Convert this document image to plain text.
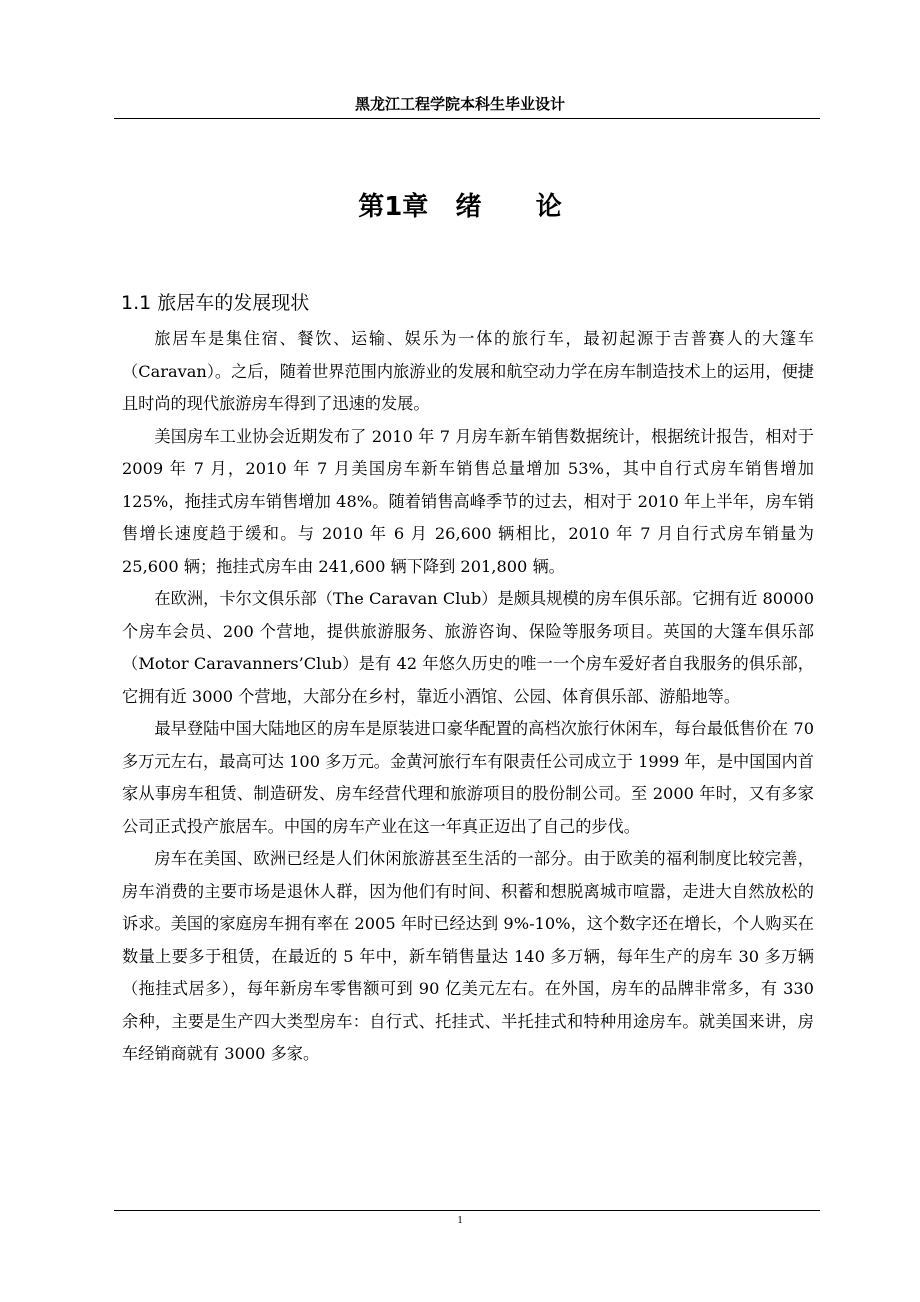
黑龙江工程学院本科生毕业设计
第1章   绪      论
1.1 旅居车的发展现状

旅居车是集住宿、餐饮、运输、娱乐为一体的旅行车，最初起源于吉普赛人的大篷车（Caravan）。之后，随着世界范围内旅游业的发展和航空动力学在房车制造技术上的运用，便捷且时尚的现代旅游房车得到了迅速的发展。

美国房车工业协会近期发布了 2010 年 7 月房车新车销售数据统计，根据统计报告，相对于 2009 年 7 月，2010 年 7 月美国房车新车销售总量增加 53%，其中自行式房车销售增加 125%，拖挂式房车销售增加 48%。随着销售高峰季节的过去，相对于 2010 年上半年，房车销售增长速度趋于缓和。与 2010 年 6 月 26,600 辆相比，2010 年 7 月自行式房车销量为 25,600 辆；拖挂式房车由 241,600 辆下降到 201,800 辆。

在欧洲，卡尔文俱乐部（The Caravan Club）是颇具规模的房车俱乐部。它拥有近 80000 个房车会员、200 个营地，提供旅游服务、旅游咨询、保险等服务项目。英国的大篷车俱乐部（Motor Caravanners’Club）是有 42 年悠久历史的唯一一个房车爱好者自我服务的俱乐部，它拥有近 3000 个营地，大部分在乡村，靠近小酒馆、公园、体育俱乐部、游船地等。

最早登陆中国大陆地区的房车是原装进口豪华配置的高档次旅行休闲车，每台最低售价在 70 多万元左右，最高可达 100 多万元。金黄河旅行车有限责任公司成立于 1999 年，是中国国内首家从事房车租赁、制造研发、房车经营代理和旅游项目的股份制公司。至 2000 年时，又有多家公司正式投产旅居车。中国的房车产业在这一年真正迈出了自己的步伐。

房车在美国、欧洲已经是人们休闲旅游甚至生活的一部分。由于欧美的福利制度比较完善，房车消费的主要市场是退休人群，因为他们有时间、积蓄和想脱离城市喧嚣，走进大自然放松的诉求。美国的家庭房车拥有率在 2005 年时已经达到 9%-10%，这个数字还在增长，个人购买在数量上要多于租赁，在最近的 5 年中，新车销售量达 140 多万辆，每年生产的房车 30 多万辆（拖挂式居多），每年新房车零售额可到 90 亿美元左右。在外国，房车的品牌非常多，有 330 余种，主要是生产四大类型房车：自行式、托挂式、半托挂式和特种用途房车。就美国来讲，房车经销商就有 3000 多家。

1
